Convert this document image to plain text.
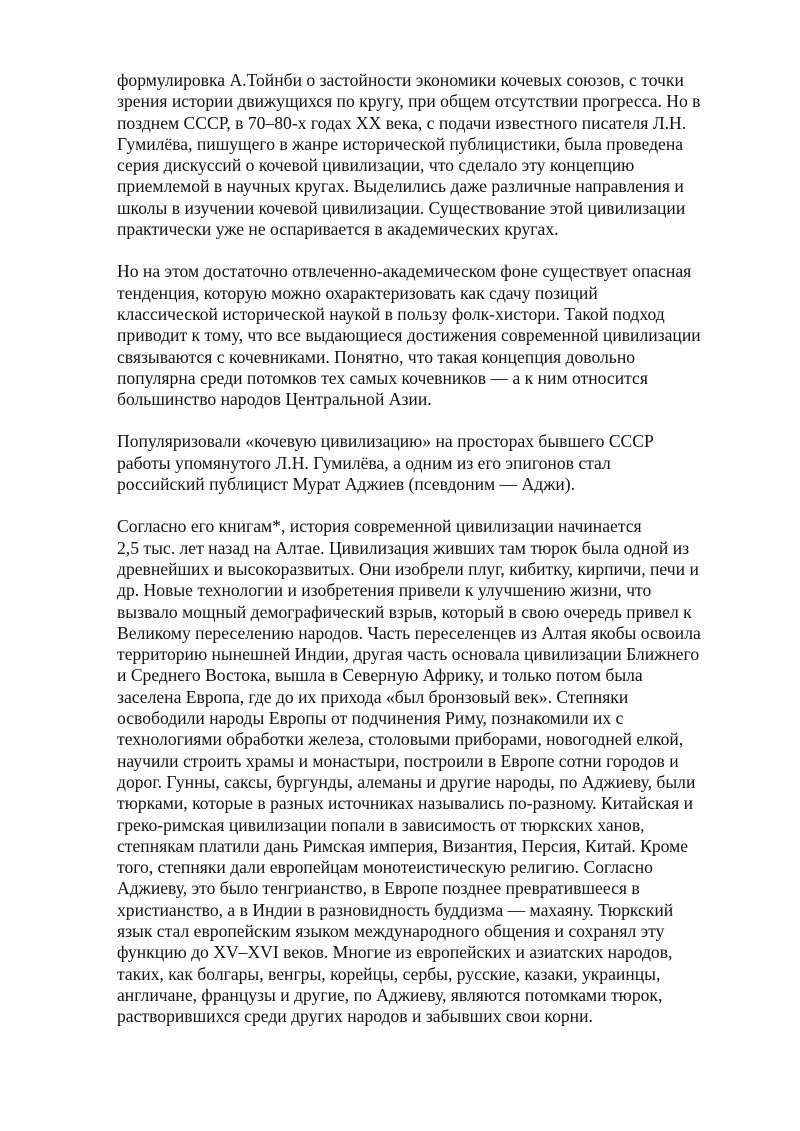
формулировка А.Тойнби о застойности экономики кочевых союзов, с точки
зрения истории движущихся по кругу, при общем отсутствии прогресса. Но в
позднем СССР, в 70–80-х годах XX века, с подачи известного писателя Л.Н.
Гумилёва, пишущего в жанре исторической публицистики, была проведена
серия дискуссий о кочевой цивилизации, что сделало эту концепцию
приемлемой в научных кругах. Выделились даже различные направления и
школы в изучении кочевой цивилизации. Существование этой цивилизации
практически уже не оспаривается в академических кругах.

Но на этом достаточно отвлеченно-академическом фоне существует опасная
тенденция, которую можно охарактеризовать как сдачу позиций
классической исторической наукой в пользу фолк-хистори. Такой подход
приводит к тому, что все выдающиеся достижения современной цивилизации
связываются с кочевниками. Понятно, что такая концепция довольно
популярна среди потомков тех самых кочевников — а к ним относится
большинство народов Центральной Азии.

Популяризовали «кочевую цивилизацию» на просторах бывшего СССР
работы упомянутого Л.Н. Гумилёва, а одним из его эпигонов стал
российский публицист Мурат Аджиев (псевдоним — Аджи).

Согласно его книгам*, история современной цивилизации начинается
2,5 тыс. лет назад на Алтае. Цивилизация живших там тюрок была одной из
древнейших и высокоразвитых. Они изобрели плуг, кибитку, кирпичи, печи и
др. Новые технологии и изобретения привели к улучшению жизни, что
вызвало мощный демографический взрыв, который в свою очередь привел к
Великому переселению народов. Часть переселенцев из Алтая якобы освоила
территорию нынешней Индии, другая часть основала цивилизации Ближнего
и Среднего Востока, вышла в Северную Африку, и только потом была
заселена Европа, где до их прихода «был бронзовый век». Степняки
освободили народы Европы от подчинения Риму, познакомили их с
технологиями обработки железа, столовыми приборами, новогодней елкой,
научили строить храмы и монастыри, построили в Европе сотни городов и
дорог. Гунны, саксы, бургунды, алеманы и другие народы, по Аджиеву, были
тюрками, которые в разных источниках назывались по-разному. Китайская и
греко-римская цивилизации попали в зависимость от тюркских ханов,
степнякам платили дань Римская империя, Византия, Персия, Китай. Кроме
того, степняки дали европейцам монотеистическую религию. Согласно
Аджиеву, это было тенгрианство, в Европе позднее превратившееся в
христианство, а в Индии в разновидность буддизма — махаяну. Тюркский
язык стал европейским языком международного общения и сохранял эту
функцию до XV–XVI веков. Многие из европейских и азиатских народов,
таких, как болгары, венгры, корейцы, сербы, русские, казаки, украинцы,
англичане, французы и другие, по Аджиеву, являются потомками тюрок,
растворившихся среди других народов и забывших свои корни.
